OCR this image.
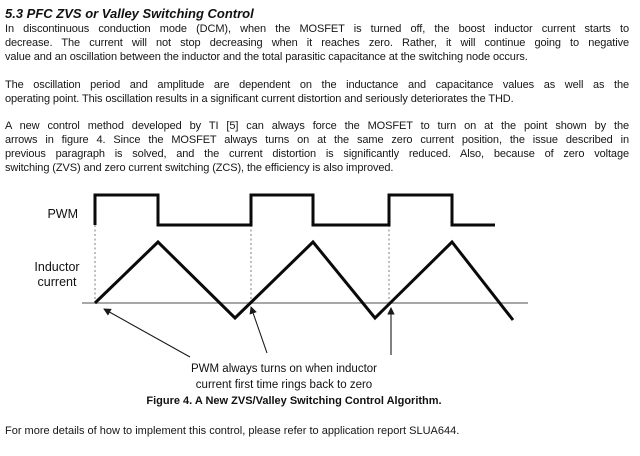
5.3 PFC ZVS or Valley Switching Control
In discontinuous conduction mode (DCM), when the MOSFET is turned off, the boost inductor current starts to
decrease. The current will not stop decreasing when it reaches zero. Rather, it will continue going to negative
value and an oscillation between the inductor and the total parasitic capacitance at the switching node occurs.
The oscillation period and amplitude are dependent on the inductance and capacitance values as well as the
operating point. This oscillation results in a significant current distortion and seriously deteriorates the THD.
A new control method developed by TI [5] can always force the MOSFET to turn on at the point shown by the
arrows in figure 4. Since the MOSFET always turns on at the same zero current position, the issue described in
previous paragraph is solved, and the current distortion is significantly reduced. Also, because of zero voltage
switching (ZVS) and zero current switching (ZCS), the efficiency is also improved.
PWM
Inductor
current
PWM always turns on when inductor
current first time rings back to zero
Figure 4. A New ZVS/Valley Switching Control Algorithm.
For more details of how to implement this control, please refer to application report SLUA644.
